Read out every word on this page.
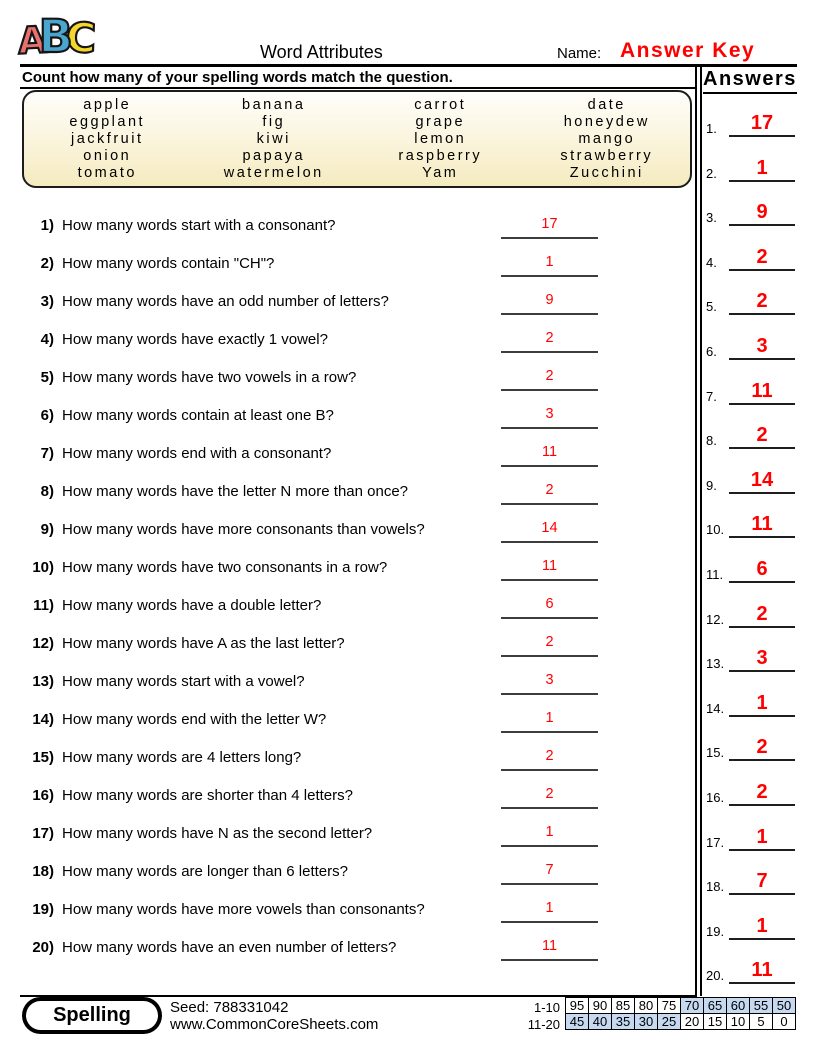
A
B
C	Word Attributes	Name: Answer Key
Count how many of your spelling words match the question.
apple	banana	carrot	date
eggplant	fig	grape	honeydew
jackfruit	kiwi	lemon	mango
onion	papaya	raspberry	strawberry
tomato	watermelon	Yam	Zucchini
1) How many words start with a consonant?	17
2) How many words contain "CH"?	1
3) How many words have an odd number of letters?	9
4) How many words have exactly 1 vowel?	2
5) How many words have two vowels in a row?	2
6) How many words contain at least one B?	3
7) How many words end with a consonant?	11
8) How many words have the letter N more than once?	2
9) How many words have more consonants than vowels?	14
10) How many words have two consonants in a row?	11
11) How many words have a double letter?	6
12) How many words have A as the last letter?	2
13) How many words start with a vowel?	3
14) How many words end with the letter W?	1
15) How many words are 4 letters long?	2
16) How many words are shorter than 4 letters?	2
17) How many words have N as the second letter?	1
18) How many words are longer than 6 letters?	7
19) How many words have more vowels than consonants?	1
20) How many words have an even number of letters?	11
Answers
1.	17
2.	1
3.	9
4.	2
5.	2
6.	3
7.	11
8.	2
9.	14
10.	11
11.	6
12.	2
13.	3
14.	1
15.	2
16.	2
17.	1
18.	7
19.	1
20.	11
Spelling	Seed: 788331042
www.CommonCoreSheets.com
1-10
11-20
95	90	85	80	75	70	65	60	55	50
45	40	35	30	25	20	15	10	5	0
